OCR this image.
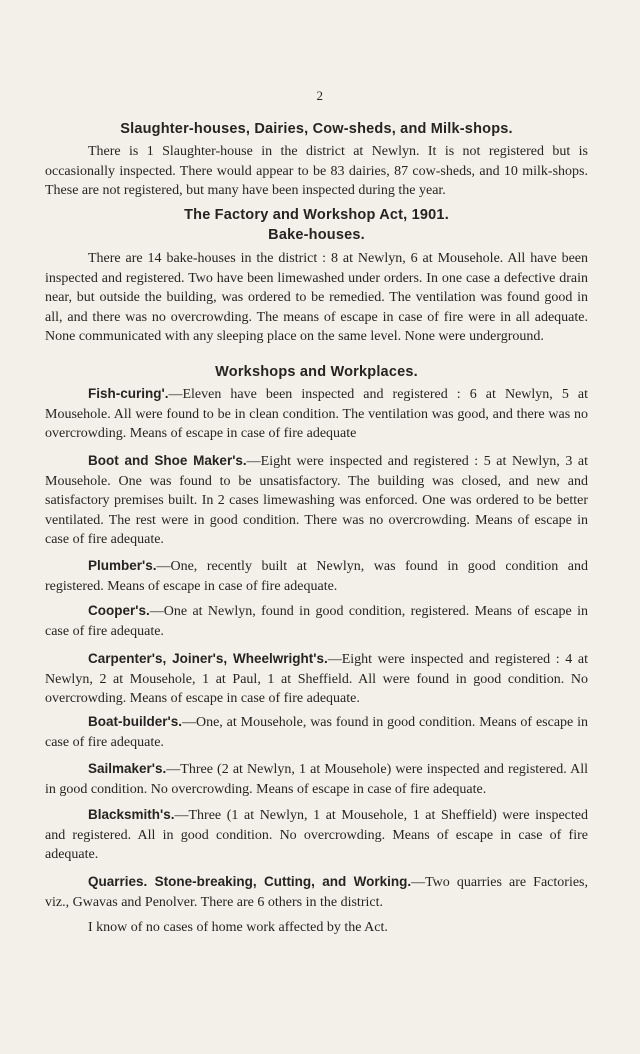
2
Slaughter-houses, Dairies, Cow-sheds, and Milk-shops.

There is 1 Slaughter-house in the district at Newlyn. It is not registered but is occasionally inspected. There would appear to be 83 dairies, 87 cow-sheds, and 10 milk-shops. These are not registered, but many have been inspected during the year.

The Factory and Workshop Act, 1901.
Bake-houses.

There are 14 bake-houses in the district : 8 at Newlyn, 6 at Mousehole. All have been inspected and registered. Two have been limewashed under orders. In one case a defective drain near, but outside the building, was ordered to be remedied. The ventilation was found good in all, and there was no overcrowding. The means of escape in case of fire were in all adequate. None communicated with any sleeping place on the same level. None were underground.

Workshops and Workplaces.

Fish-curing'.—Eleven have been inspected and registered : 6 at Newlyn, 5 at Mousehole. All were found to be in clean condition. The ventilation was good, and there was no overcrowding. Means of escape in case of fire adequate

Boot and Shoe Maker's.—Eight were inspected and registered : 5 at Newlyn, 3 at Mousehole. One was found to be unsatisfactory. The building was closed, and new and satisfactory premises built. In 2 cases limewashing was enforced. One was ordered to be better ventilated. The rest were in good condition. There was no overcrowding. Means of escape in case of fire adequate.

Plumber's.—One, recently built at Newlyn, was found in good condition and registered. Means of escape in case of fire adequate.

Cooper's.—One at Newlyn, found in good condition, registered. Means of escape in case of fire adequate.

Carpenter's, Joiner's, Wheelwright's.—Eight were inspected and registered : 4 at Newlyn, 2 at Mousehole, 1 at Paul, 1 at Sheffield. All were found in good condition. No overcrowding. Means of escape in case of fire adequate.

Boat-builder's.—One, at Mousehole, was found in good condition. Means of escape in case of fire adequate.

Sailmaker's.—Three (2 at Newlyn, 1 at Mousehole) were inspected and registered. All in good condition. No overcrowding. Means of escape in case of fire adequate.

Blacksmith's.—Three (1 at Newlyn, 1 at Mousehole, 1 at Sheffield) were inspected and registered. All in good condition. No overcrowding. Means of escape in case of fire adequate.

Quarries. Stone-breaking, Cutting, and Working.—Two quarries are Factories, viz., Gwavas and Penolver. There are 6 others in the district.

I know of no cases of home work affected by the Act.
